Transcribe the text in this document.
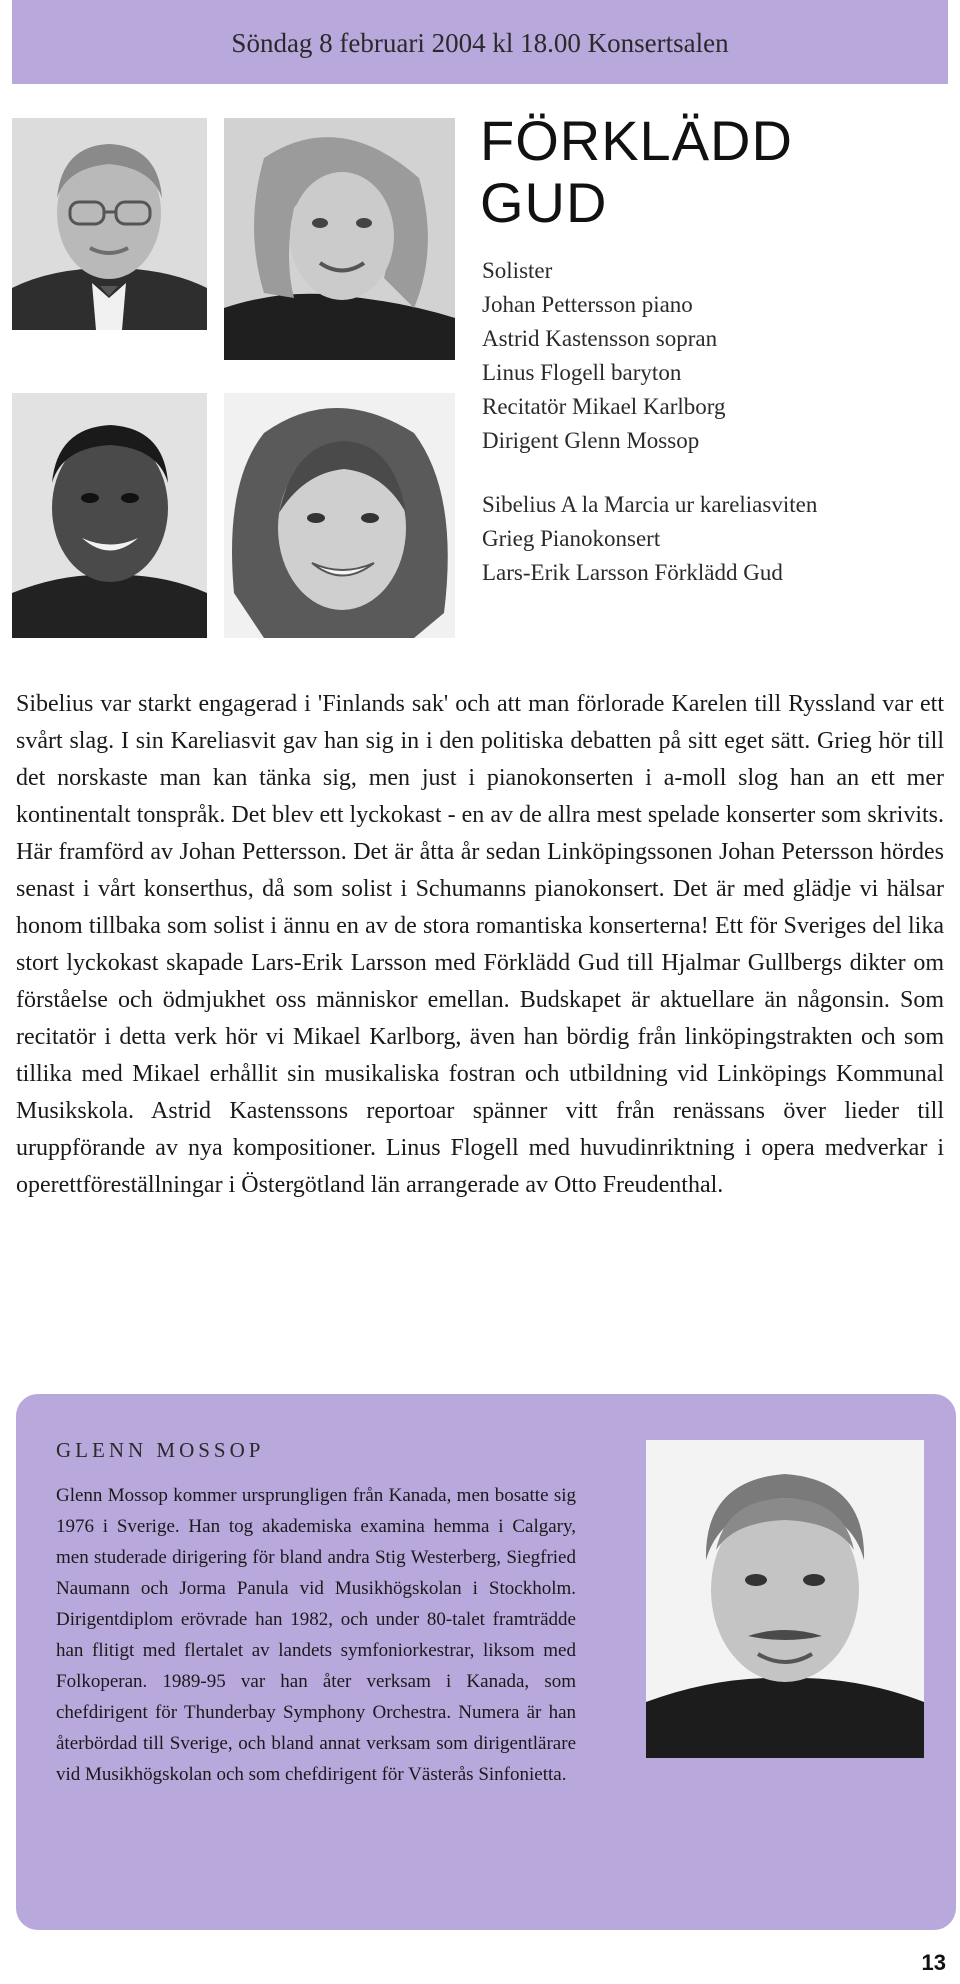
Söndag 8 februari 2004 kl 18.00 Konsertsalen
FÖRKLÄDD
GUD
Solister
Johan Pettersson piano
Astrid Kastensson sopran
Linus Flogell baryton
Recitatör Mikael Karlborg
Dirigent Glenn Mossop
Sibelius A la Marcia ur kareliasviten
Grieg Pianokonsert
Lars-Erik Larsson Förklädd Gud

Sibelius var starkt engagerad i 'Finlands sak' och att man förlorade Karelen till Ryssland var ett svårt slag. I sin Kareliasvit gav han sig in i den politiska debatten på sitt eget sätt. Grieg hör till det norskaste man kan tänka sig, men just i pianokonserten i a-moll slog han an ett mer kontinentalt tonspråk. Det blev ett lyckokast - en av de allra mest spelade konserter som skrivits. Här framförd av Johan Pettersson. Det är åtta år sedan Linköpingssonen Johan Petersson hördes senast i vårt konserthus, då som solist i Schumanns pianokonsert. Det är med glädje vi hälsar honom tillbaka som solist i ännu en av de stora romantiska konserterna! Ett för Sveriges del lika stort lyckokast skapade Lars-Erik Larsson med Förklädd Gud till Hjalmar Gullbergs dikter om förståelse och ödmjukhet oss människor emellan. Budskapet är aktuellare än någonsin. Som recitatör i detta verk hör vi Mikael Karlborg, även han bördig från linköpingstrakten och som tillika med Mikael erhållit sin musikaliska fostran och utbildning vid Linköpings Kommunal Musikskola. Astrid Kastenssons reportoar spänner vitt från renässans över lieder till uruppförande av nya kompositioner. Linus Flogell med huvudinriktning i opera medverkar i operettföreställningar i Östergötland län arrangerade av Otto Freudenthal.

GLENN MOSSOP

Glenn Mossop kommer ursprungligen från Kanada, men bosatte sig 1976 i Sverige. Han tog akademiska examina hemma i Calgary, men studerade dirigering för bland andra Stig Westerberg, Siegfried Naumann och Jorma Panula vid Musikhögskolan i Stockholm. Dirigentdiplom erövrade han 1982, och under 80-talet framträdde han flitigt med flertalet av landets symfoniorkestrar, liksom med Folkoperan. 1989-95 var han åter verksam i Kanada, som chefdirigent för Thunderbay Symphony Orchestra. Numera är han återbördad till Sverige, och bland annat verksam som dirigentlärare vid Musikhögskolan och som chefdirigent för Västerås Sinfonietta.

13
